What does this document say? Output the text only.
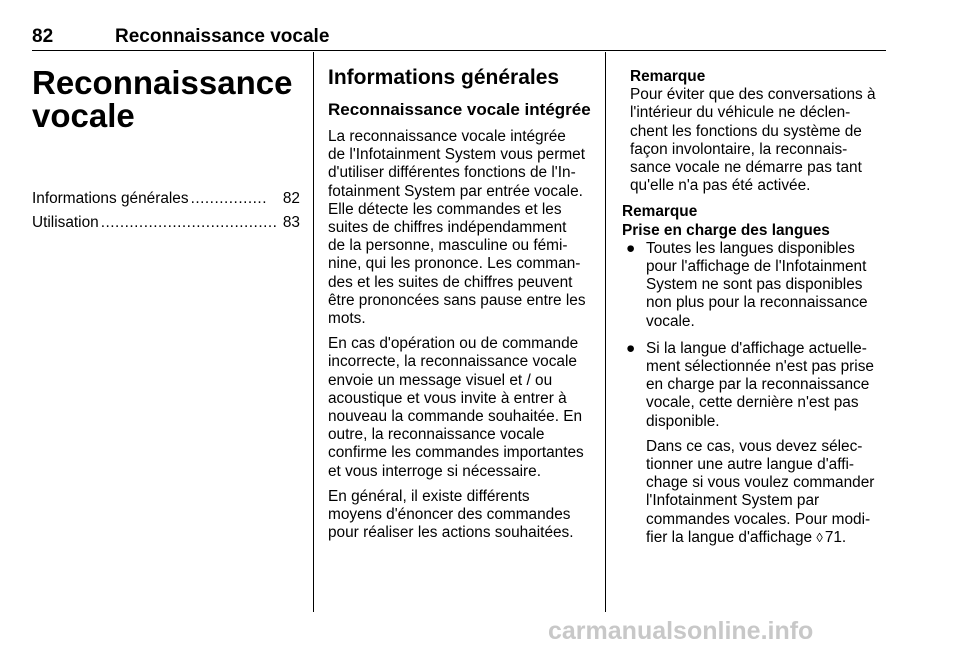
82	Reconnaissance vocale
Reconnaissance
vocale
Informations générales ................	82
Utilisation ..................................... 83
Informations générales
Reconnaissance vocale intégrée

La reconnaissance vocale intégrée
de l'Infotainment System vous permet
d'utiliser différentes fonctions de l'In-
fotainment System par entrée vocale.
Elle détecte les commandes et les
suites de chiffres indépendamment
de la personne, masculine ou fémi-
nine, qui les prononce. Les comman-
des et les suites de chiffres peuvent
être prononcées sans pause entre les
mots.

En cas d'opération ou de commande
incorrecte, la reconnaissance vocale
envoie un message visuel et / ou
acoustique et vous invite à entrer à
nouveau la commande souhaitée. En
outre, la reconnaissance vocale
confirme les commandes importantes
et vous interroge si nécessaire.

En général, il existe différents
moyens d'énoncer des commandes
pour réaliser les actions souhaitées.

Remarque
Pour éviter que des conversations à
l'intérieur du véhicule ne déclen-
chent les fonctions du système de
façon involontaire, la reconnais-
sance vocale ne démarre pas tant
qu'elle n'a pas été activée.
Remarque
Prise en charge des langues
● Toutes les langues disponibles
pour l'affichage de l'Infotainment
System ne sont pas disponibles
non plus pour la reconnaissance
vocale.
● Si la langue d'affichage actuelle-
ment sélectionnée n'est pas prise
en charge par la reconnaissance
vocale, cette dernière n'est pas
disponible.

Dans ce cas, vous devez sélec-
tionner une autre langue d'affi-
chage si vous voulez commander
l'Infotainment System par
commandes vocales. Pour modi-
fier la langue d'affichage ◊ 71.

carmanualsonline.info
